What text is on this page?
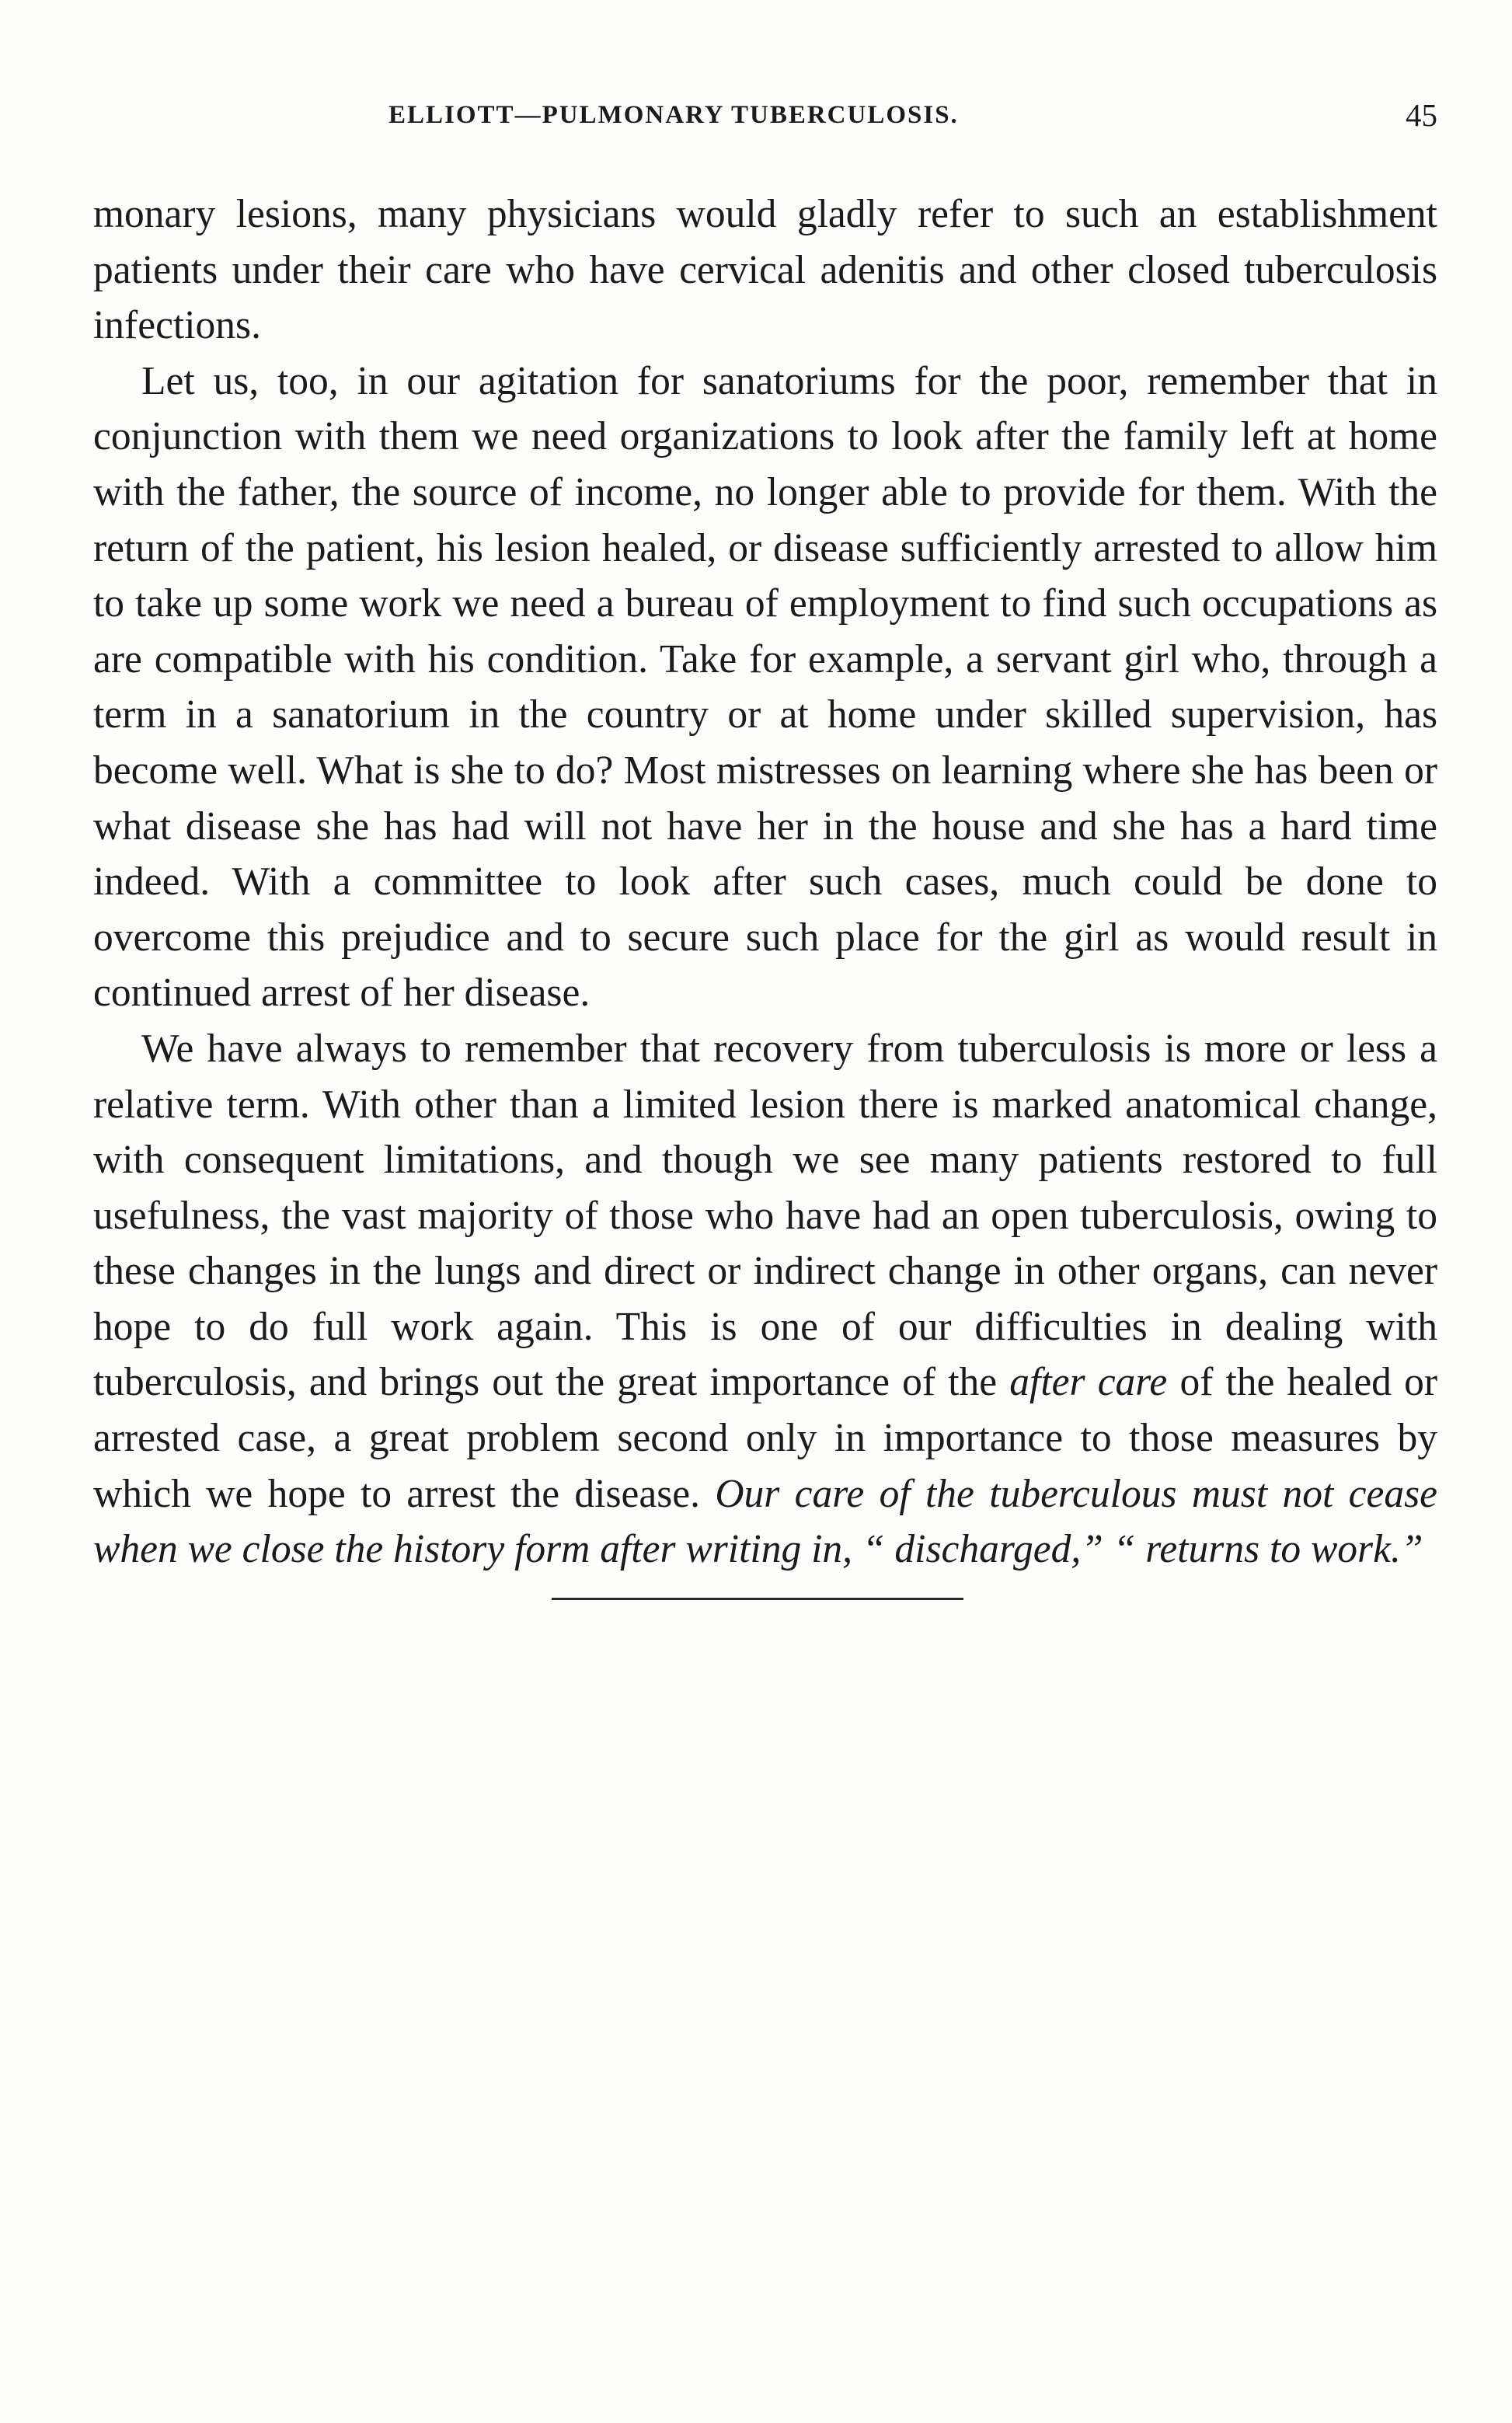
ELLIOTT—PULMONARY TUBERCULOSIS.	45

monary lesions, many physicians would gladly refer to such an establishment patients under their care who have cervical adenitis and other closed tuberculosis infections.

Let us, too, in our agitation for sanatoriums for the poor, remember that in conjunction with them we need organizations to look after the family left at home with the father, the source of income, no longer able to provide for them. With the return of the patient, his lesion healed, or disease sufficiently arrested to allow him to take up some work we need a bureau of employment to find such occupations as are compatible with his condition. Take for example, a servant girl who, through a term in a sanatorium in the country or at home under skilled supervision, has become well. What is she to do? Most mistresses on learning where she has been or what disease she has had will not have her in the house and she has a hard time indeed. With a committee to look after such cases, much could be done to overcome this prejudice and to secure such place for the girl as would result in continued arrest of her disease.

We have always to remember that recovery from tuberculosis is more or less a relative term. With other than a limited lesion there is marked anatomical change, with consequent limitations, and though we see many patients restored to full usefulness, the vast majority of those who have had an open tuberculosis, owing to these changes in the lungs and direct or indirect change in other organs, can never hope to do full work again. This is one of our difficulties in dealing with tuberculosis, and brings out the great importance of the after care of the healed or arrested case, a great problem second only in importance to those measures by which we hope to arrest the disease. Our care of the tuberculous must not cease when we close the history form after writing in, “ discharged,” “ returns to work.”
